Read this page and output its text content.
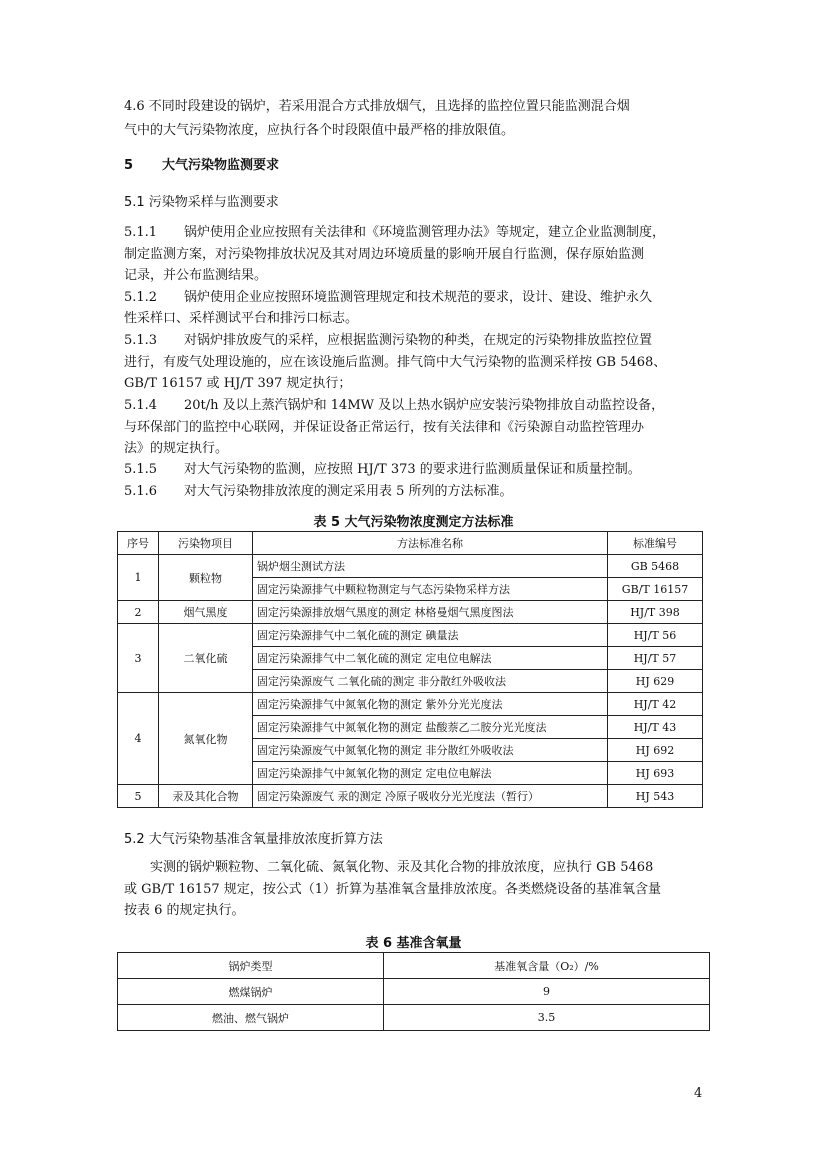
4.6 不同时段建设的锅炉，若采用混合方式排放烟气，且选择的监控位置只能监测混合烟
气中的大气污染物浓度，应执行各个时段限值中最严格的排放限值。
5 大气污染物监测要求
5.1 污染物采样与监测要求
5.1.1 锅炉使用企业应按照有关法律和《环境监测管理办法》等规定，建立企业监测制度，
制定监测方案，对污染物排放状况及其对周边环境质量的影响开展自行监测，保存原始监测
记录，并公布监测结果。
5.1.2 锅炉使用企业应按照环境监测管理规定和技术规范的要求，设计、建设、维护永久
性采样口、采样测试平台和排污口标志。
5.1.3 对锅炉排放废气的采样，应根据监测污染物的种类，在规定的污染物排放监控位置
进行，有废气处理设施的，应在该设施后监测。排气筒中大气污染物的监测采样按 GB 5468、
GB/T 16157 或 HJ/T 397 规定执行；
5.1.4 20t/h 及以上蒸汽锅炉和 14MW 及以上热水锅炉应安装污染物排放自动监控设备，
与环保部门的监控中心联网，并保证设备正常运行，按有关法律和《污染源自动监控管理办
法》的规定执行。
5.1.5 对大气污染物的监测，应按照 HJ/T 373 的要求进行监测质量保证和质量控制。
5.1.6 对大气污染物排放浓度的测定采用表 5 所列的方法标准。
表 5 大气污染物浓度测定方法标准
序号	污染物项目	方法标准名称	标准编号
1	颗粒物	锅炉烟尘测试方法	GB 5468
		固定污染源排气中颗粒物测定与气态污染物采样方法	GB/T 16157
2	烟气黑度	固定污染源排放烟气黑度的测定 林格曼烟气黑度图法	HJ/T 398
3	二氧化硫	固定污染源排气中二氧化硫的测定 碘量法	HJ/T 56
		固定污染源排气中二氧化硫的测定 定电位电解法	HJ/T 57
		固定污染源废气 二氧化硫的测定 非分散红外吸收法	HJ 629
4	氮氧化物	固定污染源排气中氮氧化物的测定 紫外分光光度法	HJ/T 42
		固定污染源排气中氮氧化物的测定 盐酸萘乙二胺分光光度法	HJ/T 43
		固定污染源废气中氮氧化物的测定 非分散红外吸收法	HJ 692
		固定污染源排气中氮氧化物的测定 定电位电解法	HJ 693
5	汞及其化合物	固定污染源废气 汞的测定 冷原子吸收分光光度法（暂行）	HJ 543
5.2 大气污染物基准含氧量排放浓度折算方法
实测的锅炉颗粒物、二氧化硫、氮氧化物、汞及其化合物的排放浓度，应执行 GB 5468
或 GB/T 16157 规定，按公式（1）折算为基准氧含量排放浓度。各类燃烧设备的基准氧含量
按表 6 的规定执行。
表 6 基准含氧量
锅炉类型	基准氧含量（O₂）/%
燃煤锅炉	9
燃油、燃气锅炉	3.5
4
